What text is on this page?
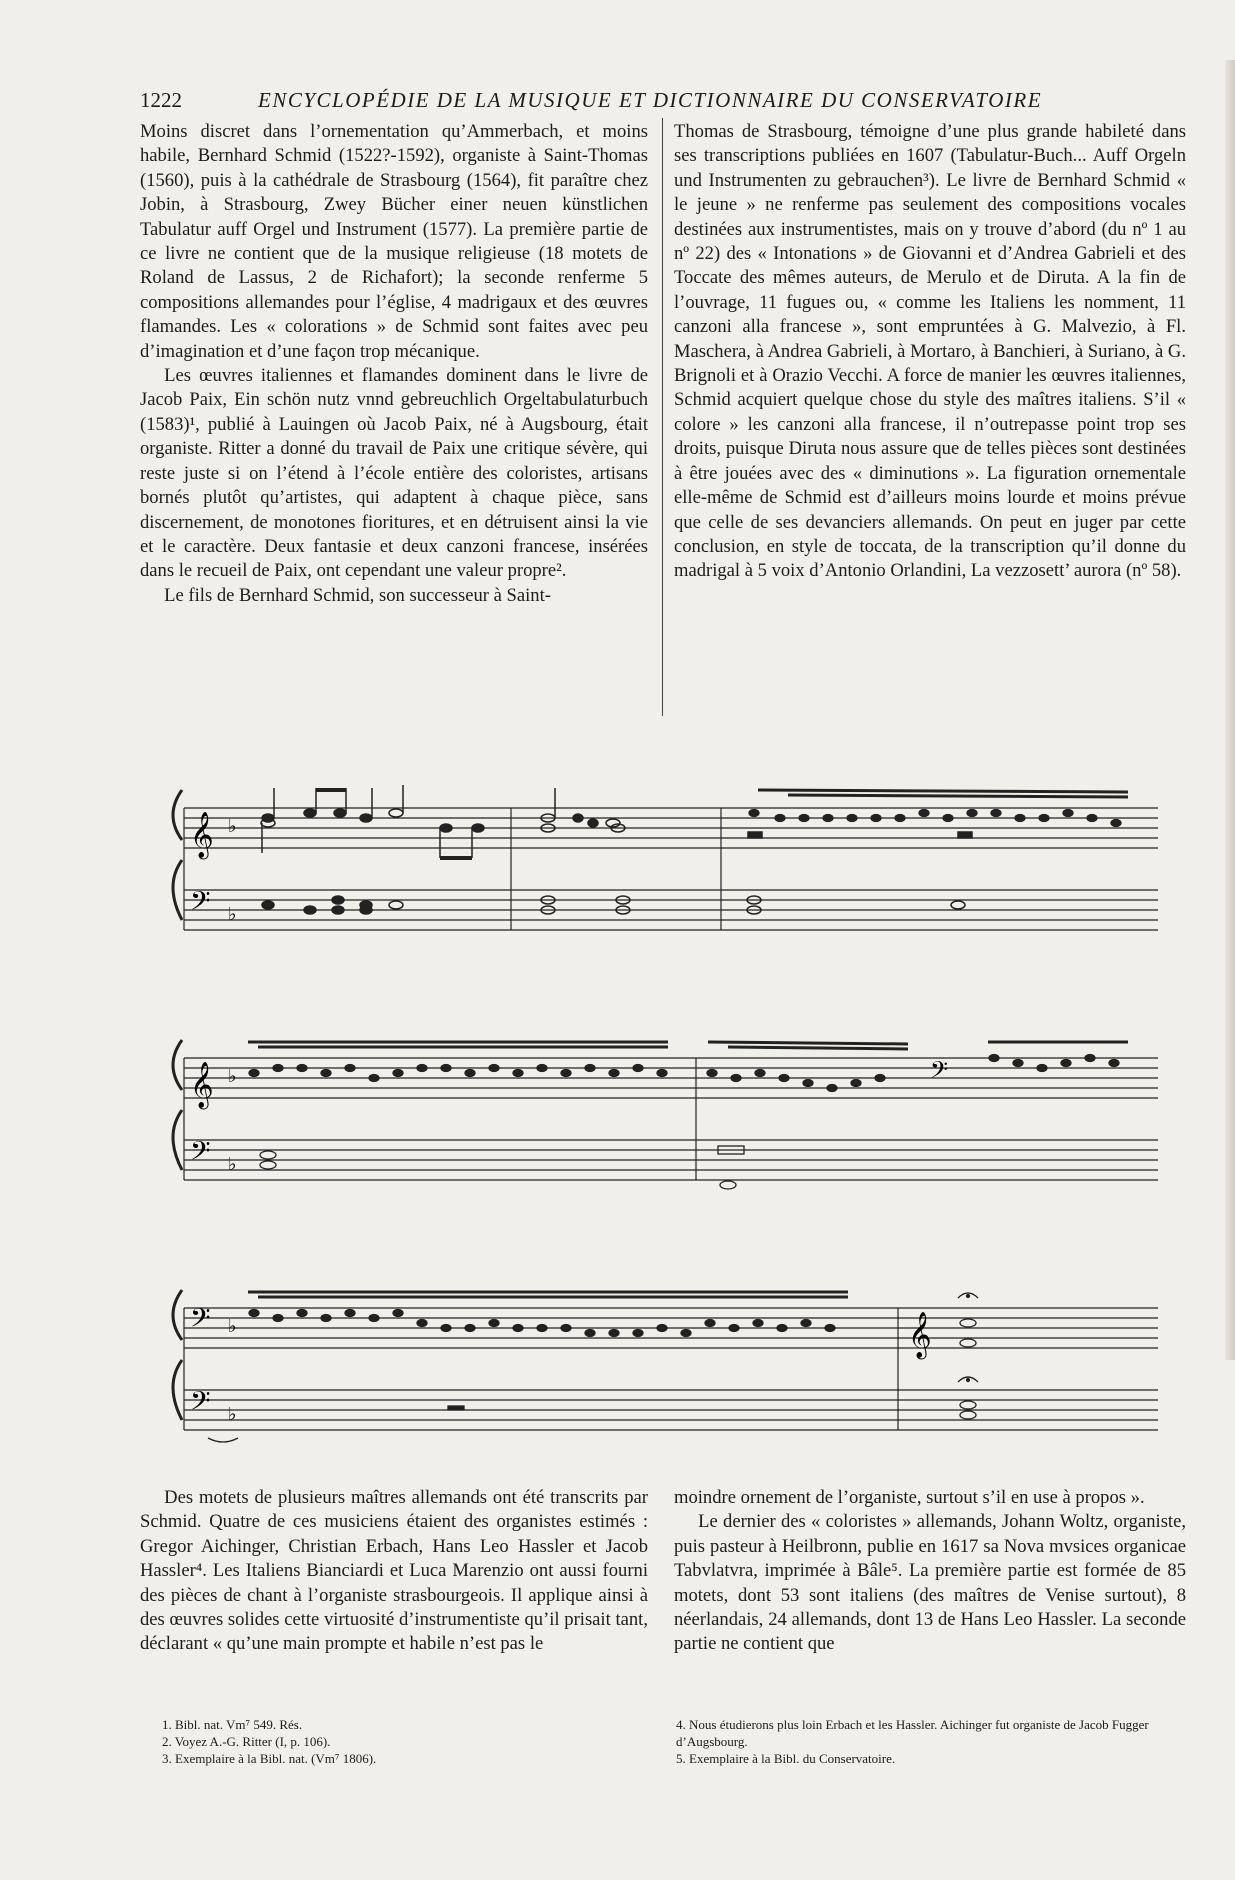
1222	ENCYCLOPÉDIE DE LA MUSIQUE ET DICTIONNAIRE DU CONSERVATOIRE

Moins discret dans l’ornementation qu’Ammerbach, et moins habile, Bernhard Schmid (1522?-1592), organiste à Saint-Thomas (1560), puis à la cathédrale de Strasbourg (1564), fit paraître chez Jobin, à Strasbourg, Zwey Bücher einer neuen künstlichen Tabulatur auff Orgel und Instrument (1577). La première partie de ce livre ne contient que de la musique religieuse (18 motets de Roland de Lassus, 2 de Richafort); la seconde renferme 5 compositions allemandes pour l’église, 4 madrigaux et des œuvres flamandes. Les « colorations » de Schmid sont faites avec peu d’imagination et d’une façon trop mécanique.

Les œuvres italiennes et flamandes dominent dans le livre de Jacob Paix, Ein schön nutz vnnd gebreuchlich Orgeltabulaturbuch (1583)¹, publié à Lauingen où Jacob Paix, né à Augsbourg, était organiste. Ritter a donné du travail de Paix une critique sévère, qui reste juste si on l’étend à l’école entière des coloristes, artisans bornés plutôt qu’artistes, qui adaptent à chaque pièce, sans discernement, de monotones fioritures, et en détruisent ainsi la vie et le caractère. Deux fantasie et deux canzoni francese, insérées dans le recueil de Paix, ont cependant une valeur propre².

Le fils de Bernhard Schmid, son successeur à Saint-

Thomas de Strasbourg, témoigne d’une plus grande habileté dans ses transcriptions publiées en 1607 (Tabulatur-Buch... Auff Orgeln und Instrumenten zu gebrauchen³). Le livre de Bernhard Schmid « le jeune » ne renferme pas seulement des compositions vocales destinées aux instrumentistes, mais on y trouve d’abord (du nº 1 au nº 22) des « Intonations » de Giovanni et d’Andrea Gabrieli et des Toccate des mêmes auteurs, de Merulo et de Diruta. A la fin de l’ouvrage, 11 fugues ou, « comme les Italiens les nomment, 11 canzoni alla francese », sont empruntées à G. Malvezio, à Fl. Maschera, à Andrea Gabrieli, à Mortaro, à Banchieri, à Suriano, à G. Brignoli et à Orazio Vecchi. A force de manier les œuvres italiennes, Schmid acquiert quelque chose du style des maîtres italiens. S’il « colore » les canzoni alla francese, il n’outrepasse point trop ses droits, puisque Diruta nous assure que de telles pièces sont destinées à être jouées avec des « diminutions ». La figuration ornementale elle-même de Schmid est d’ailleurs moins lourde et moins prévue que celle de ses devanciers allemands. On peut en juger par cette conclusion, en style de toccata, de la transcription qu’il donne du madrigal à 5 voix d’Antonio Orlandini, La vezzosett’ aurora (nº 58).

𝄞
𝄢
♭
♭
𝄞
𝄢
♭
♭
𝄢
𝄢
𝄢
♭
♭
𝄞

Des motets de plusieurs maîtres allemands ont été transcrits par Schmid. Quatre de ces musiciens étaient des organistes estimés : Gregor Aichinger, Christian Erbach, Hans Leo Hassler et Jacob Hassler⁴. Les Italiens Bianciardi et Luca Marenzio ont aussi fourni des pièces de chant à l’organiste strasbourgeois. Il applique ainsi à des œuvres solides cette virtuosité d’instrumentiste qu’il prisait tant, déclarant « qu’une main prompte et habile n’est pas le

moindre ornement de l’organiste, surtout s’il en use à propos ».

Le dernier des « coloristes » allemands, Johann Woltz, organiste, puis pasteur à Heilbronn, publie en 1617 sa Nova mvsices organicae Tabvlatvra, imprimée à Bâle⁵. La première partie est formée de 85 motets, dont 53 sont italiens (des maîtres de Venise surtout), 8 néerlandais, 24 allemands, dont 13 de Hans Leo Hassler. La seconde partie ne contient que

1. Bibl. nat. Vm⁷ 549. Rés.
2. Voyez A.-G. Ritter (I, p. 106).
3. Exemplaire à la Bibl. nat. (Vm⁷ 1806).
4. Nous étudierons plus loin Erbach et les Hassler. Aichinger fut organiste de Jacob Fugger d’Augsbourg.
5. Exemplaire à la Bibl. du Conservatoire.
